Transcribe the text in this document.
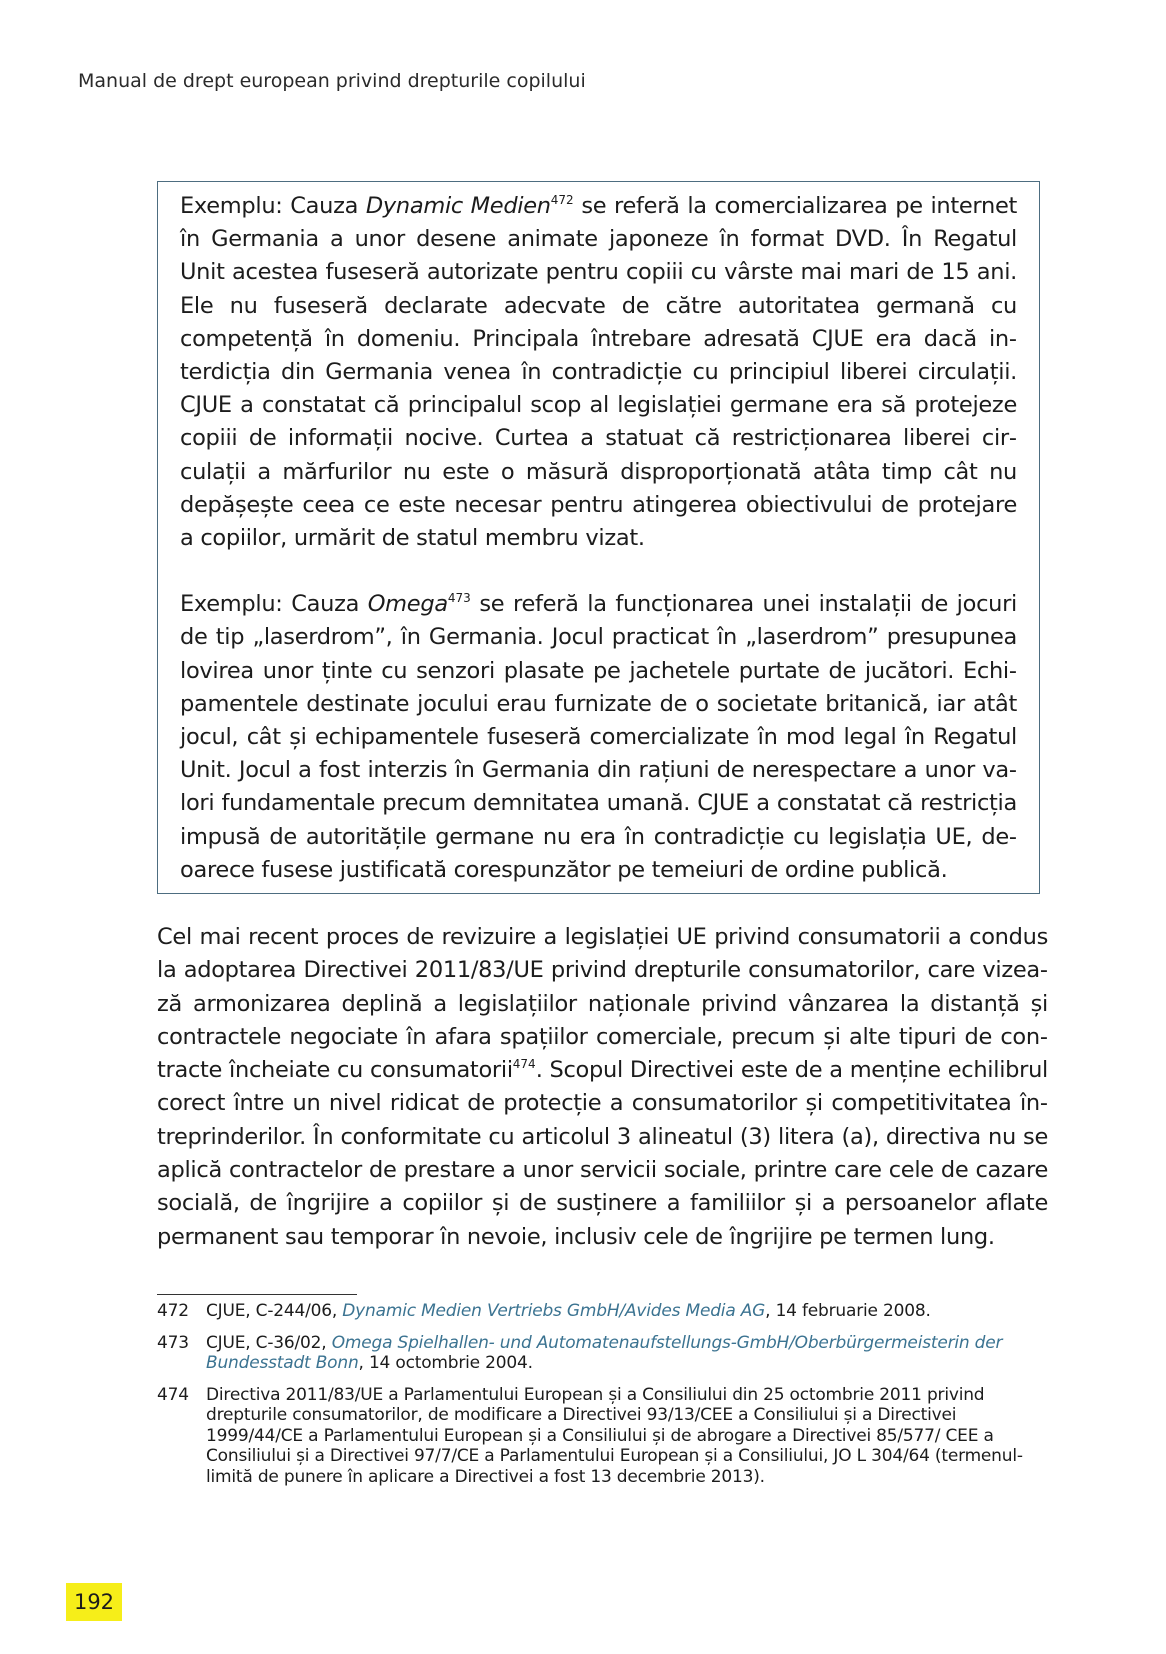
Manual de drept european privind drepturile copilului

Exemplu: Cauza Dynamic Medien$^{472}$ se referă la comercializarea pe internet în Germania a unor desene animate japoneze în format DVD. În Regatul Unit acestea fuseseră autorizate pentru copiii cu vârste mai mari de 15 ani. Ele nu fuseseră declarate adecvate de către autoritatea germană cu competență în domeniu. Principala întrebare adresată CJUE era dacă interdicția din Germania venea în contradicție cu principiul liberei circulații. CJUE a constatat că principalul scop al legislației germane era să protejeze copiii de informații nocive. Curtea a statuat că restricționarea liberei circulații a mărfurilor nu este o măsură disproporționată atâta timp cât nu depășește ceea ce este necesar pentru atingerea obiectivului de protejare a copiilor, urmărit de statul membru vizat.

Exemplu: Cauza Omega$^{473}$ se referă la funcționarea unei instalații de jocuri de tip „laserdrom”, în Germania. Jocul practicat în „laserdrom” presupunea lovirea unor ținte cu senzori plasate pe jachetele purtate de jucători. Echipamentele destinate jocului erau furnizate de o societate britanică, iar atât jocul, cât și echipamentele fuseseră comercializate în mod legal în Regatul Unit. Jocul a fost interzis în Germania din rațiuni de nerespectare a unor valori fundamentale precum demnitatea umană. CJUE a constatat că restricția impusă de autoritățile germane nu era în contradicție cu legislația UE, deoarece fusese justificată corespunzător pe temeiuri de ordine publică.

Cel mai recent proces de revizuire a legislației UE privind consumatorii a condus la adoptarea Directivei 2011/83/UE privind drepturile consumatorilor, care vizează armonizarea deplină a legislațiilor naționale privind vânzarea la distanță și contractele negociate în afara spațiilor comerciale, precum și alte tipuri de contracte încheiate cu consumatorii$^{474}$. Scopul Directivei este de a menține echilibrul corect între un nivel ridicat de protecție a consumatorilor și competitivitatea întreprinderilor. În conformitate cu articolul 3 alineatul (3) litera (a), directiva nu se aplică contractelor de prestare a unor servicii sociale, printre care cele de cazare socială, de îngrijire a copiilor și de susținere a familiilor și a persoanelor aflate permanent sau temporar în nevoie, inclusiv cele de îngrijire pe termen lung.

472	CJUE, C-244/06, Dynamic Medien Vertriebs GmbH/Avides Media AG, 14 februarie 2008.
473	CJUE, C-36/02, Omega Spielhallen- und Automatenaufstellungs-GmbH/Oberbürgermeisterin der Bundesstadt Bonn, 14 octombrie 2004.
474	Directiva 2011/83/UE a Parlamentului European și a Consiliului din 25 octombrie 2011 privind drepturile consumatorilor, de modificare a Directivei 93/13/CEE a Consiliului și a Directivei 1999/44/CE a Parlamentului European și a Consiliului și de abrogare a Directivei 85/577/ CEE a Consiliului și a Directivei 97/7/CE a Parlamentului European și a Consiliului, JO L 304/64 (termenul-limită de punere în aplicare a Directivei a fost 13 decembrie 2013).
192
